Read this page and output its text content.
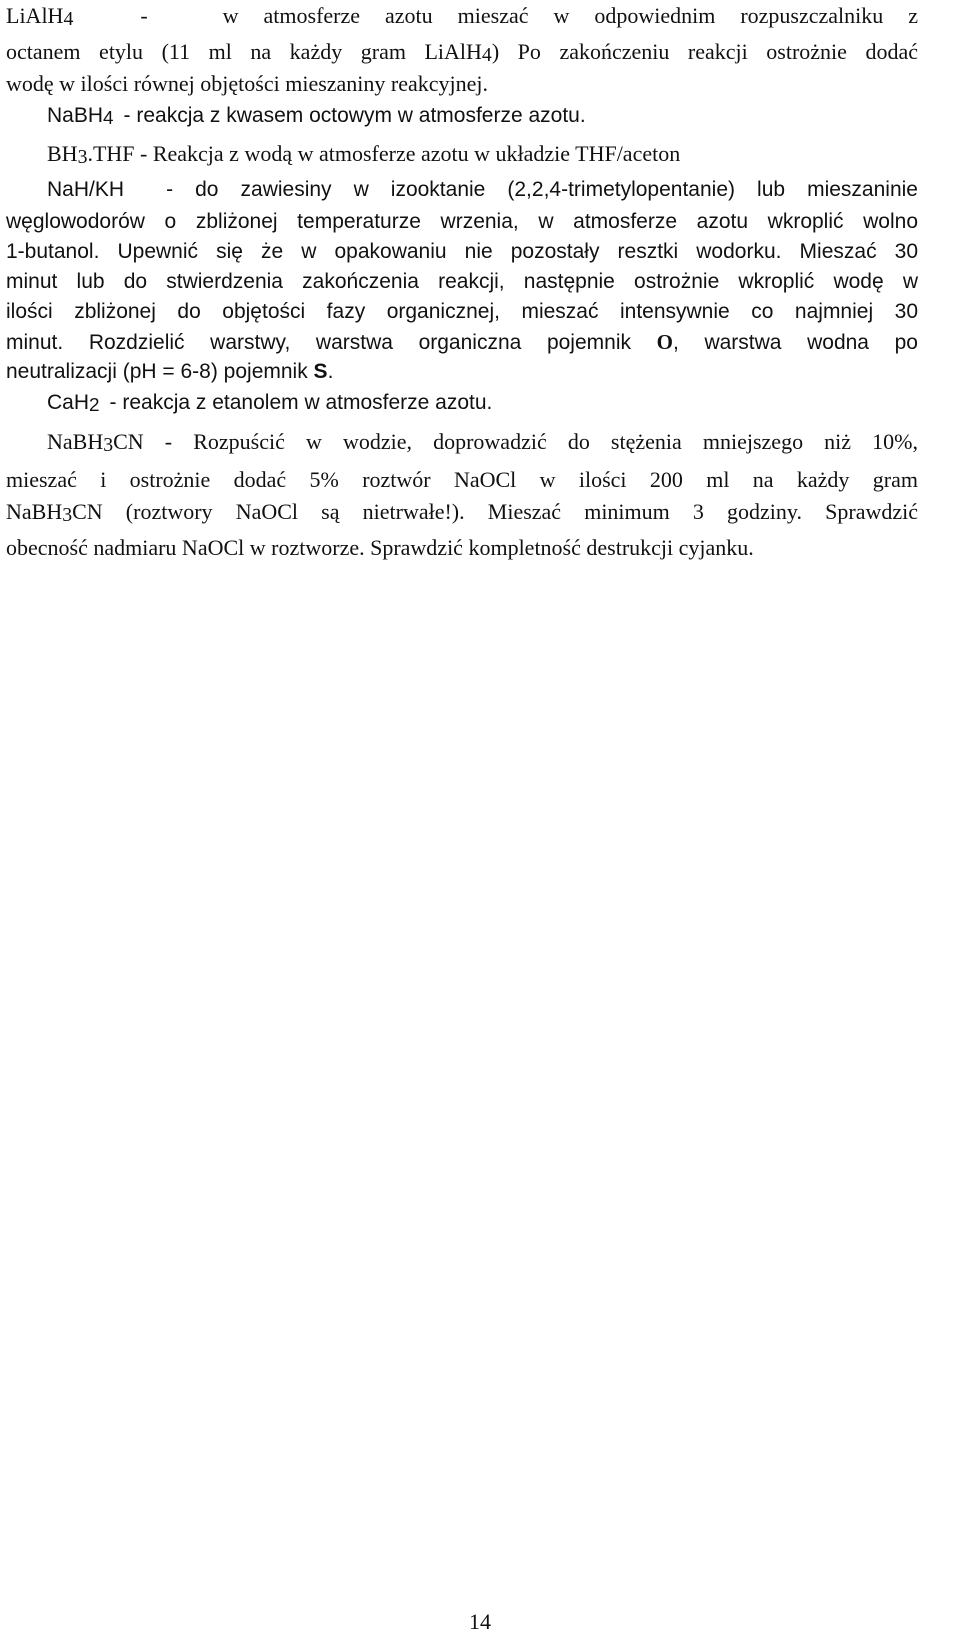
LiAlH4	-	w atmosferze azotu mieszać w odpowiednim rozpuszczalniku z
octanem etylu (11 ml na każdy gram LiAlH4) Po zakończeniu reakcji ostrożnie dodać
wodę w ilości równej objętości mieszaniny reakcyjnej.
NaBH4 - reakcja z kwasem octowym w atmosferze azotu.
BH3.THF - Reakcja z wodą w atmosferze azotu w układzie THF/aceton
NaH/KH - do zawiesiny w izooktanie (2,2,4-trimetylopentanie) lub mieszaninie
węglowodorów o zbliżonej temperaturze wrzenia, w atmosferze azotu wkroplić wolno
1-butanol. Upewnić się że w opakowaniu nie pozostały resztki wodorku. Mieszać 30
minut lub do stwierdzenia zakończenia reakcji, następnie ostrożnie wkroplić wodę w
ilości zbliżonej do objętości fazy organicznej, mieszać intensywnie co najmniej 30
minut. Rozdzielić warstwy, warstwa organiczna pojemnik O, warstwa wodna po
neutralizacji (pH = 6-8) pojemnik S.
CaH2 - reakcja z etanolem w atmosferze azotu.
NaBH3CN - Rozpuścić w wodzie, doprowadzić do stężenia mniejszego niż 10%,
mieszać i ostrożnie dodać 5% roztwór NaOCl w ilości 200 ml na każdy gram
NaBH3CN (roztwory NaOCl są nietrwałe!). Mieszać minimum 3 godziny. Sprawdzić
obecność nadmiaru NaOCl w roztworze. Sprawdzić kompletność destrukcji cyjanku.
14
